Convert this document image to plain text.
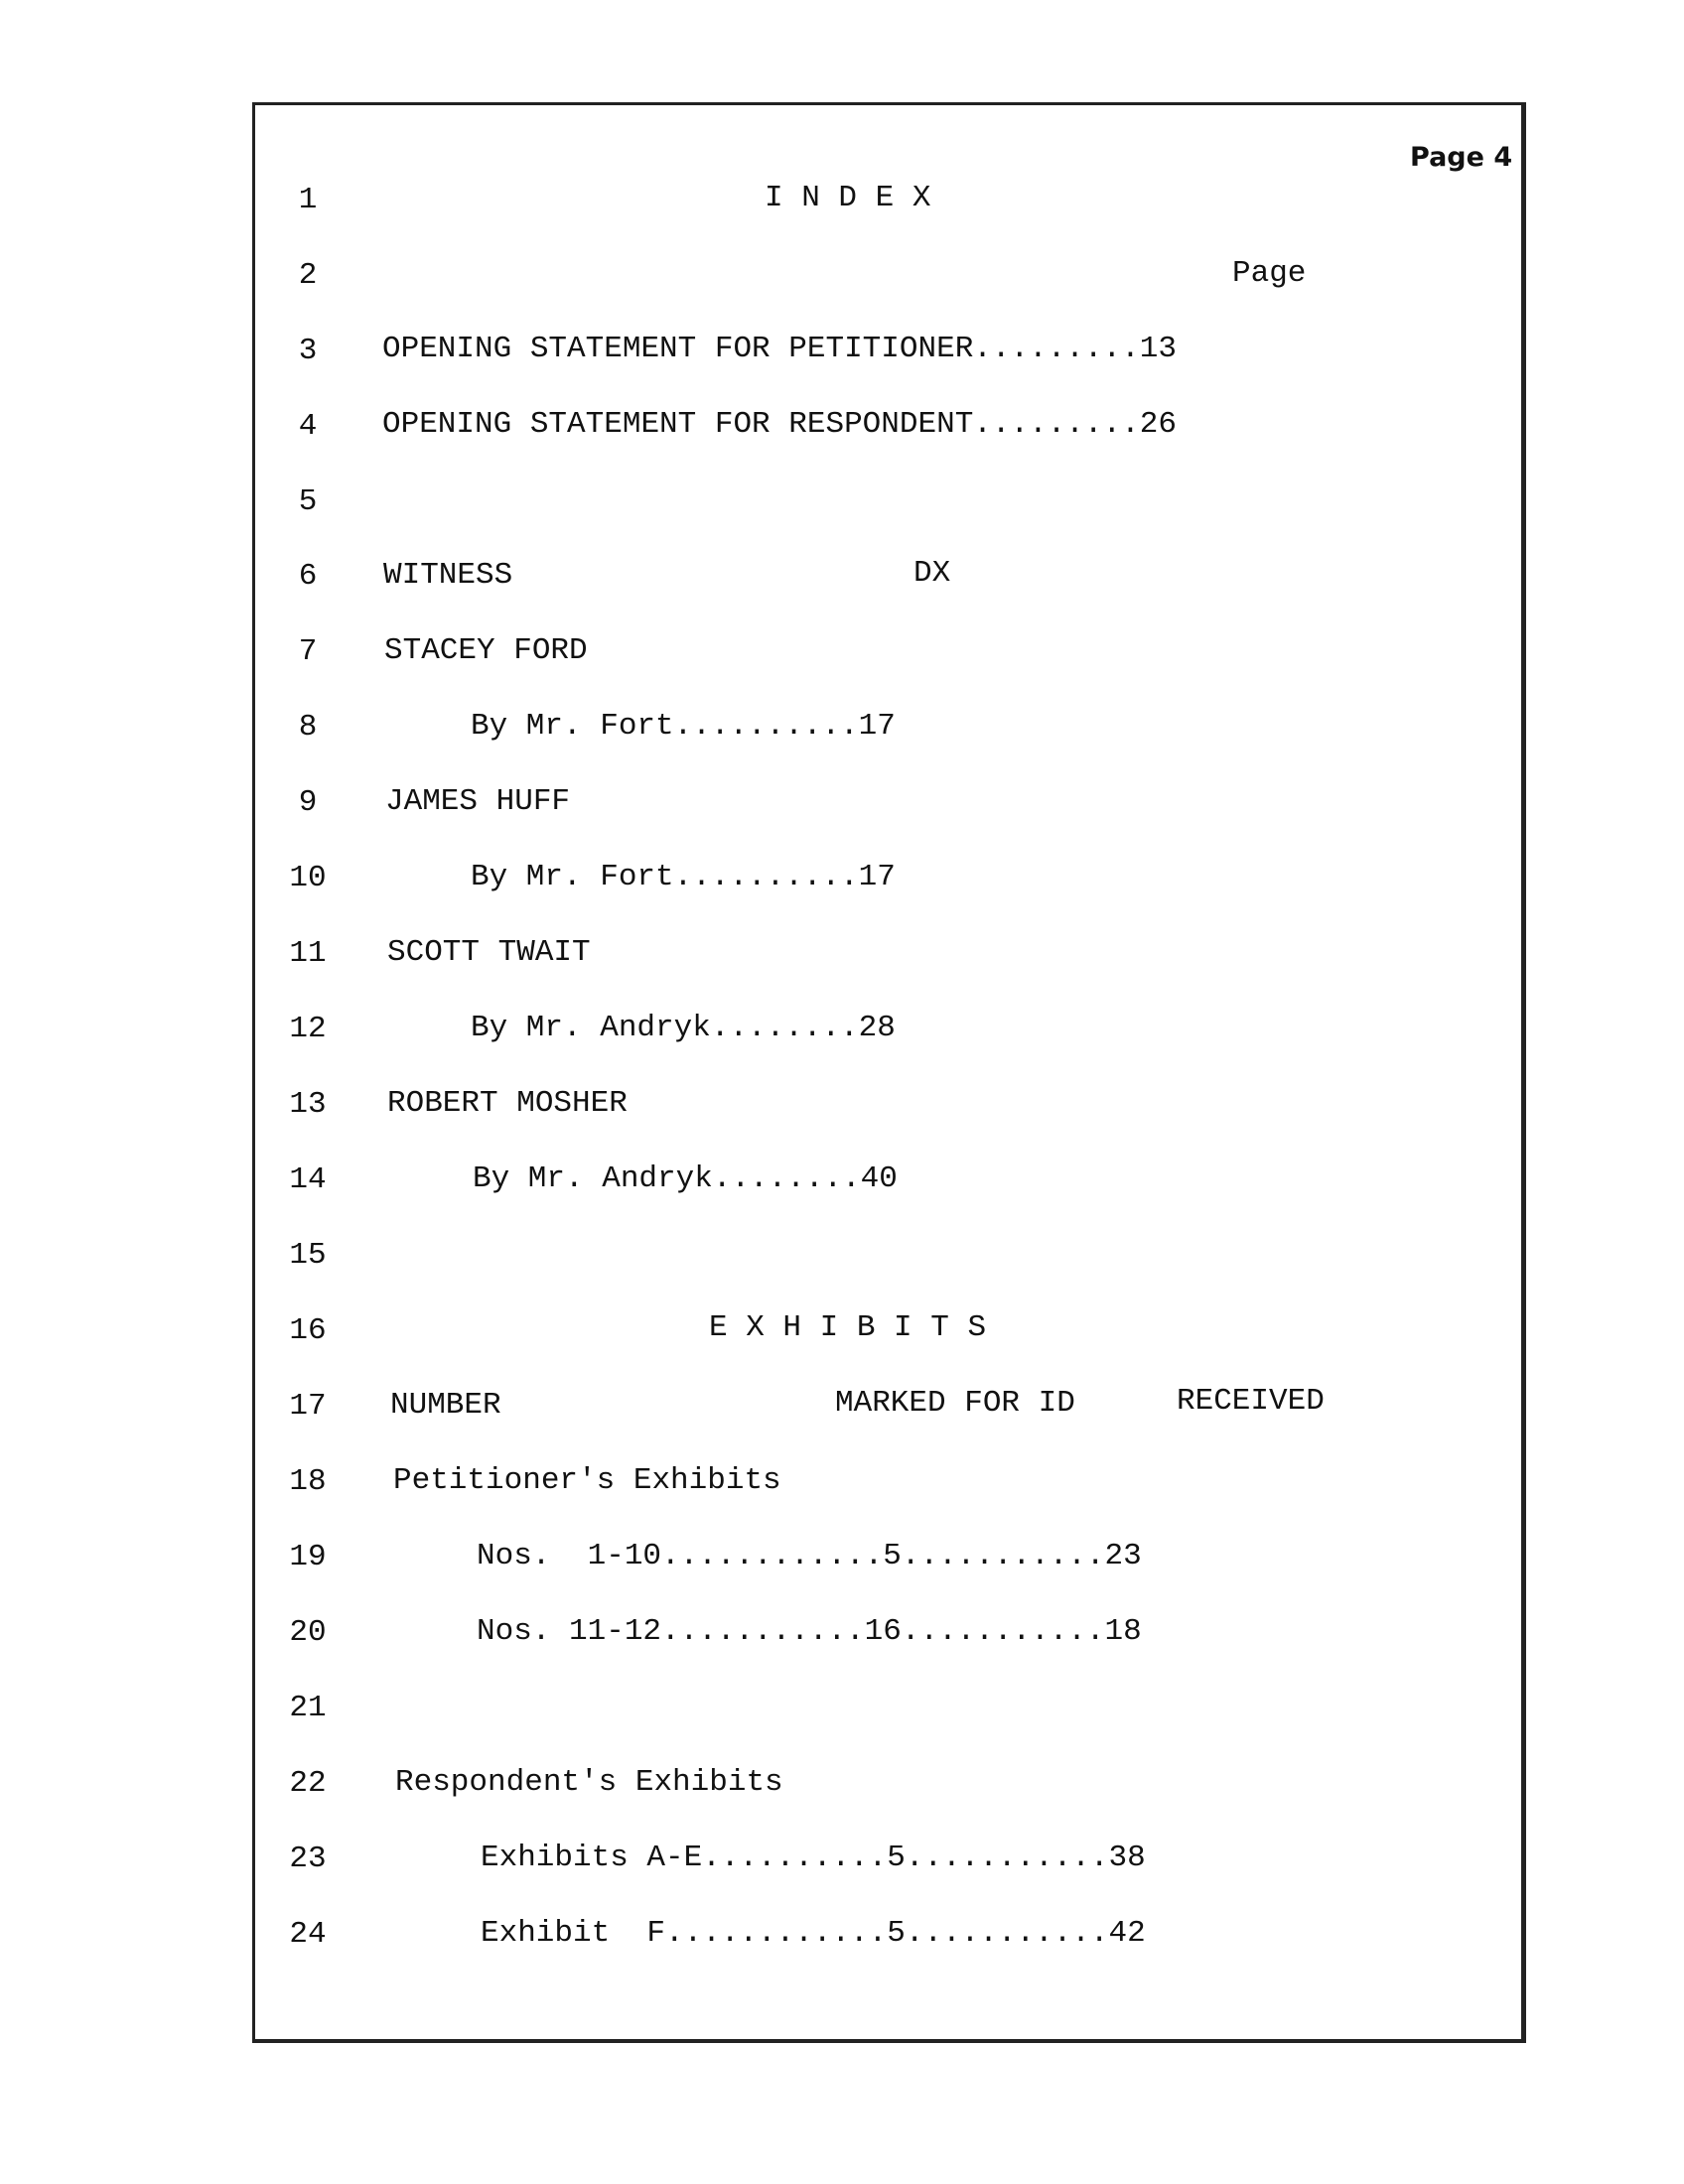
Page 4
1
2
3
4
5
6
7
8
9
10
11
12
13
14
15
16
17
18
19
20
21
22
23
24
I N D E X
Page
OPENING STATEMENT FOR PETITIONER.........13
OPENING STATEMENT FOR RESPONDENT.........26
WITNESS	DX
STACEY FORD
By Mr. Fort..........17
JAMES HUFF
By Mr. Fort..........17
SCOTT TWAIT
By Mr. Andryk........28
ROBERT MOSHER
By Mr. Andryk........40
E X H I B I T S
NUMBER	MARKED FOR ID	RECEIVED
Petitioner's Exhibits
Nos.  1-10............5...........23
Nos. 11-12...........16...........18
Respondent's Exhibits
Exhibits A-E..........5...........38
Exhibit  F............5...........42
